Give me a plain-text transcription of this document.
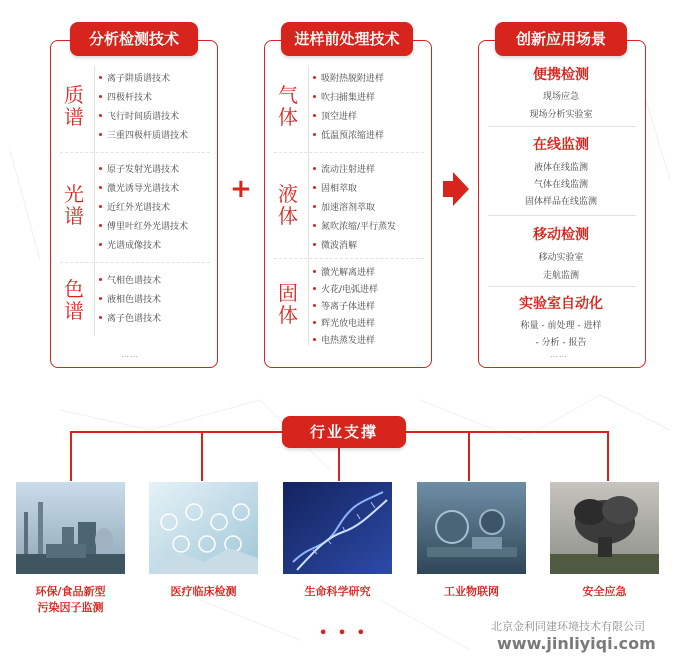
分析检测技术
质谱
离子阱质谱技术
四极杆技术
飞行时间质谱技术
三重四极杆质谱技术
光谱
原子发射光谱技术
激光诱导光谱技术
近红外光谱技术
傅里叶红外光谱技术
光谱成像技术
色谱
气相色谱技术
液相色谱技术
离子色谱技术
……
+
进样前处理技术
气体
吸附热脱附进样
吹扫捕集进样
顶空进样
低温预浓缩进样
液体
流动注射进样
固相萃取
加速溶剂萃取
氮吹浓缩/平行蒸发
微波消解
固体
激光解离进样
火花/电弧进样
等离子体进样
辉光放电进样
电热蒸发进样
创新应用场景
便携检测
现场应急
现场分析实验室
在线监测
液体在线监测
气体在线监测
固体样品在线监测
移动检测
移动实验室
走航监测
实验室自动化
称量 - 前处理 - 进样
- 分析 - 报告
……
行业支撑
环保/食品新型
污染因子监测
医疗临床检测	生命科学研究	工业物联网	安全应急
• • •	北京金利同建环境技术有限公司
www.jinliyiqi.com
